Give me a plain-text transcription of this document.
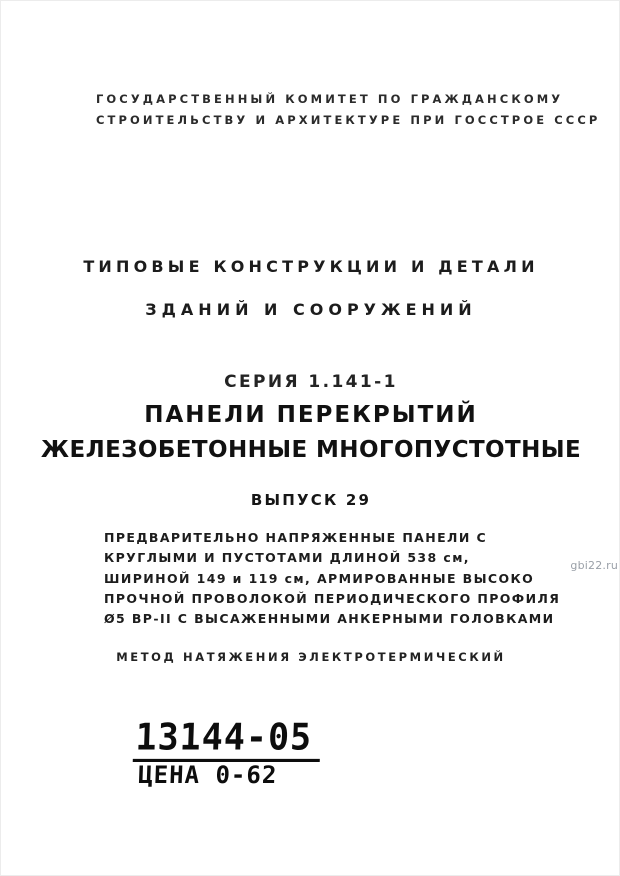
ГОСУДАРСТВЕННЫЙ КОМИТЕТ ПО ГРАЖДАНСКОМУ
СТРОИТЕЛЬСТВУ И АРХИТЕКТУРЕ ПРИ ГОССТРОЕ СССР
ТИПОВЫЕ КОНСТРУКЦИИ И ДЕТАЛИ
ЗДАНИЙ И СООРУЖЕНИЙ
СЕРИЯ 1.141-1
ПАНЕЛИ ПЕРЕКРЫТИЙ
ЖЕЛЕЗОБЕТОННЫЕ МНОГОПУСТОТНЫЕ
ВЫПУСК 29
ПРЕДВАРИТЕЛЬНО НАПРЯЖЕННЫЕ ПАНЕЛИ С
КРУГЛЫМИ И ПУСТОТАМИ ДЛИНОЙ 538 см,
ШИРИНОЙ 149 и 119 см, АРМИРОВАННЫЕ ВЫСОКО
ПРОЧНОЙ ПРОВОЛОКОЙ ПЕРИОДИЧЕСКОГО ПРОФИЛЯ
Ø5 ВР-II С ВЫСАЖЕННЫМИ АНКЕРНЫМИ ГОЛОВКАМИ
МЕТОД НАТЯЖЕНИЯ ЭЛЕКТРОТЕРМИЧЕСКИЙ
13144-05
ЦЕНА 0-62
gbi22.ru
